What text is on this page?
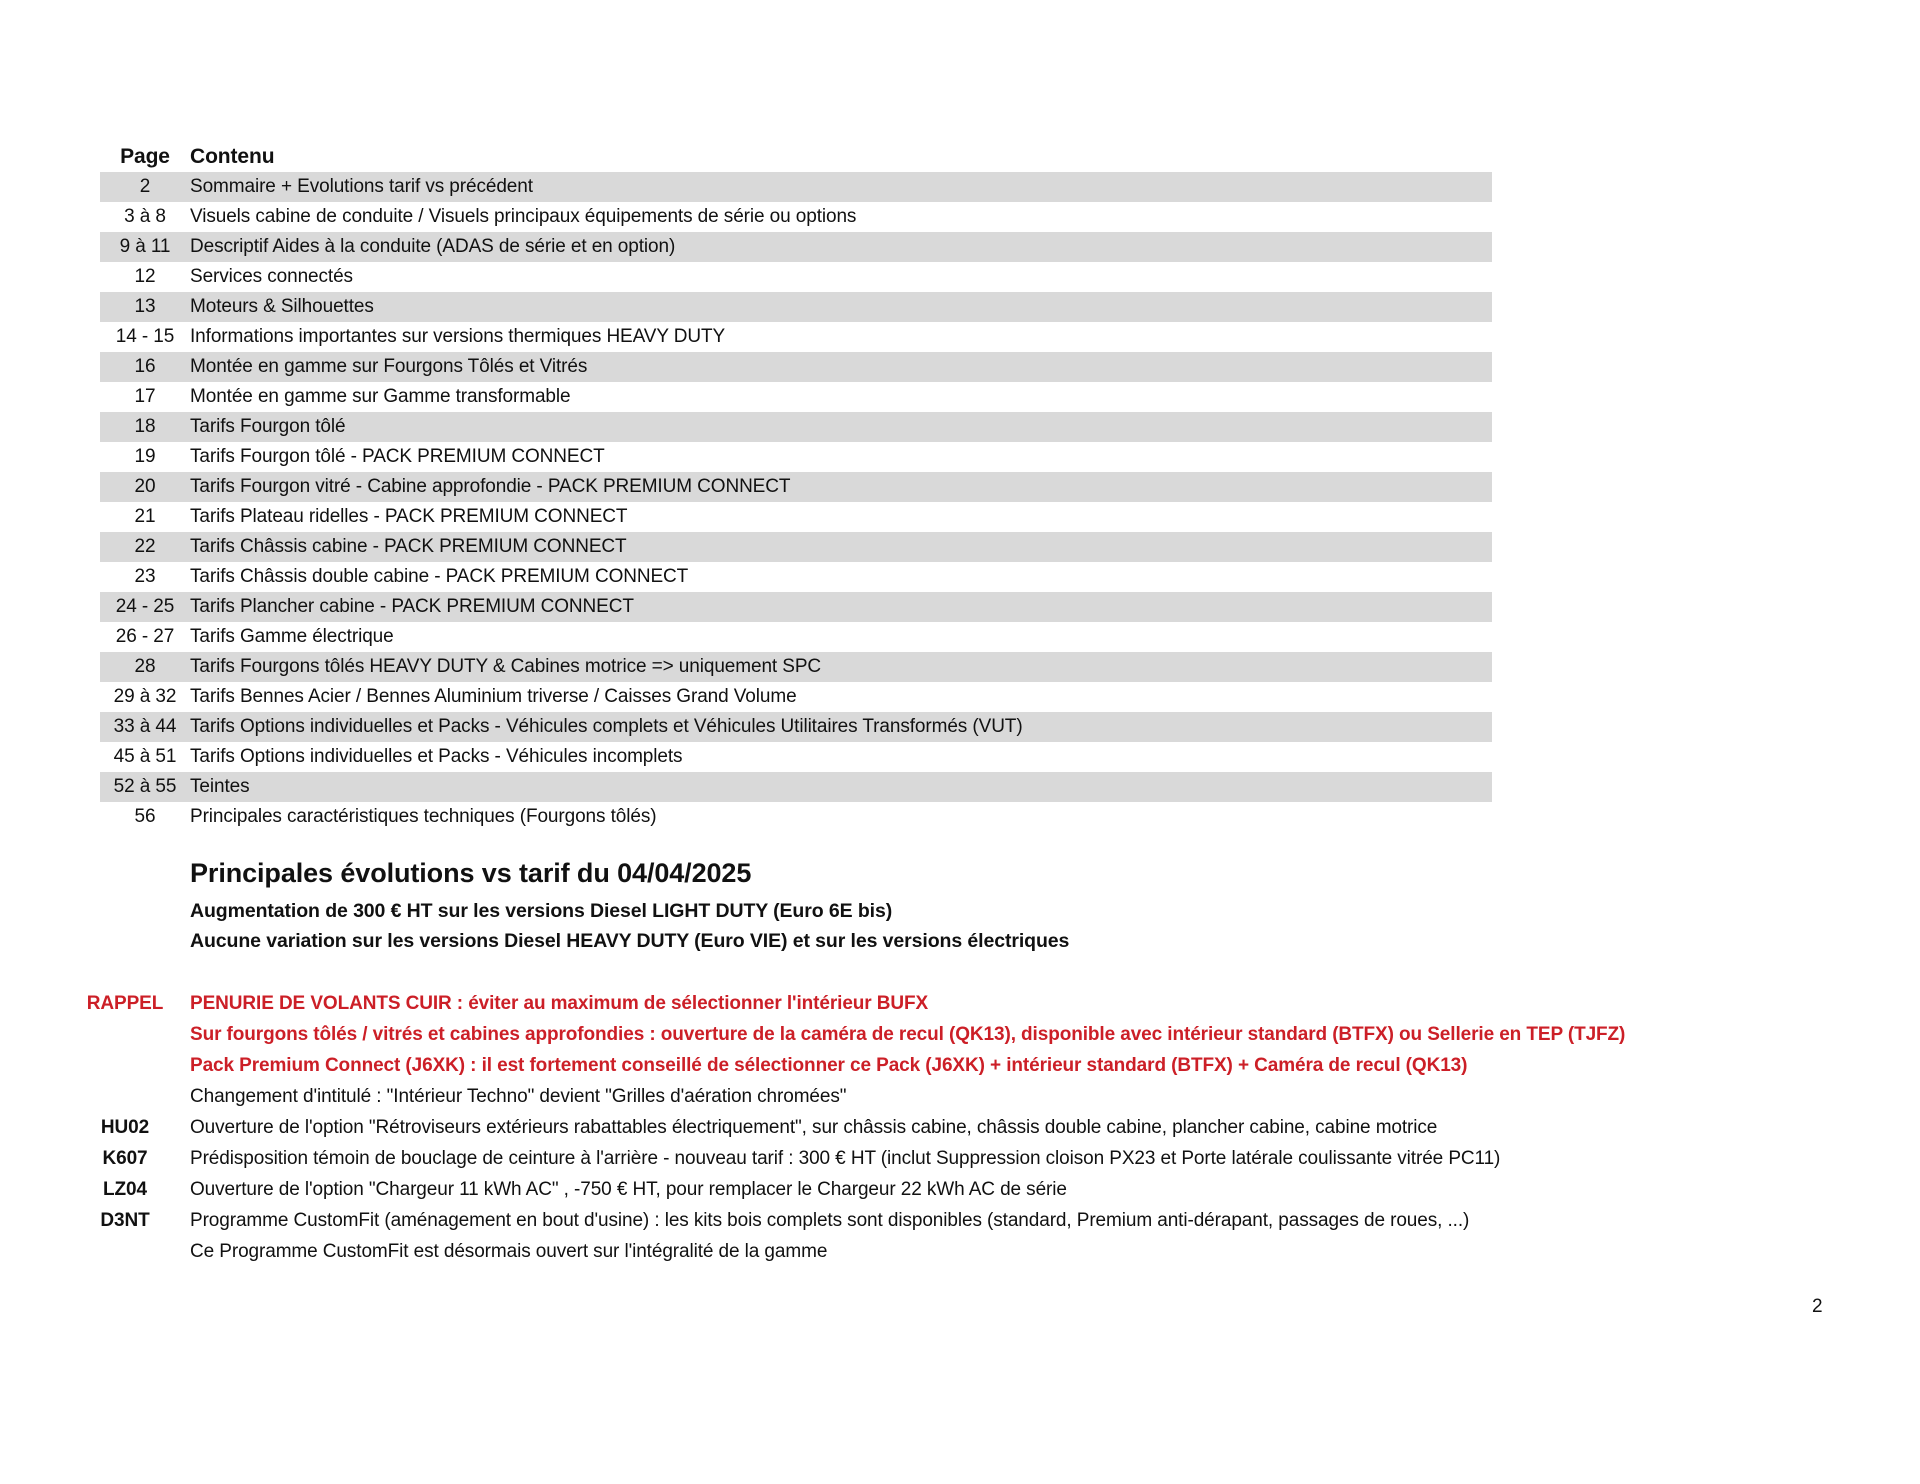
Page Contenu
2	Sommaire + Evolutions tarif vs précédent
3 à 8	Visuels cabine de conduite / Visuels principaux équipements de série ou options
9 à 11	Descriptif Aides à la conduite (ADAS de série et en option)
12	Services connectés
13	Moteurs & Silhouettes
14 - 15 Informations importantes sur versions thermiques HEAVY DUTY
16	Montée en gamme sur Fourgons Tôlés et Vitrés
17	Montée en gamme sur Gamme transformable
18	Tarifs Fourgon tôlé
19	Tarifs Fourgon tôlé - PACK PREMIUM CONNECT
20	Tarifs Fourgon vitré - Cabine approfondie - PACK PREMIUM CONNECT
21	Tarifs Plateau ridelles - PACK PREMIUM CONNECT
22	Tarifs Châssis cabine - PACK PREMIUM CONNECT
23	Tarifs Châssis double cabine - PACK PREMIUM CONNECT
24 - 25 Tarifs Plancher cabine - PACK PREMIUM CONNECT
26 - 27 Tarifs Gamme électrique
28	Tarifs Fourgons tôlés HEAVY DUTY & Cabines motrice => uniquement SPC
29 à 32 Tarifs Bennes Acier / Bennes Aluminium triverse / Caisses Grand Volume
33 à 44 Tarifs Options individuelles et Packs - Véhicules complets et Véhicules Utilitaires Transformés (VUT)
45 à 51 Tarifs Options individuelles et Packs - Véhicules incomplets
52 à 55 Teintes
56	Principales caractéristiques techniques (Fourgons tôlés)
Principales évolutions vs tarif du 04/04/2025
Augmentation de 300 € HT sur les versions Diesel LIGHT DUTY (Euro 6E bis)
Aucune variation sur les versions Diesel HEAVY DUTY (Euro VIE) et sur les versions électriques
RAPPEL	PENURIE DE VOLANTS CUIR : éviter au maximum de sélectionner l'intérieur BUFX
Sur fourgons tôlés / vitrés et cabines approfondies : ouverture de la caméra de recul (QK13), disponible avec intérieur standard (BTFX) ou Sellerie en TEP (TJFZ)
Pack Premium Connect (J6XK) : il est fortement conseillé de sélectionner ce Pack (J6XK) + intérieur standard (BTFX) + Caméra de recul (QK13)
Changement d'intitulé : "Intérieur Techno" devient "Grilles d'aération chromées"
HU02	Ouverture de l'option "Rétroviseurs extérieurs rabattables électriquement", sur châssis cabine, châssis double cabine, plancher cabine, cabine motrice
K607	Prédisposition témoin de bouclage de ceinture à l'arrière - nouveau tarif : 300 € HT (inclut Suppression cloison PX23 et Porte latérale coulissante vitrée PC11)
LZ04	Ouverture de l'option "Chargeur 11 kWh AC" , -750 € HT, pour remplacer le Chargeur 22 kWh AC de série
D3NT	Programme CustomFit (aménagement en bout d'usine) : les kits bois complets sont disponibles (standard, Premium anti-dérapant, passages de roues, ...)
Ce Programme CustomFit est désormais ouvert sur l'intégralité de la gamme
2
